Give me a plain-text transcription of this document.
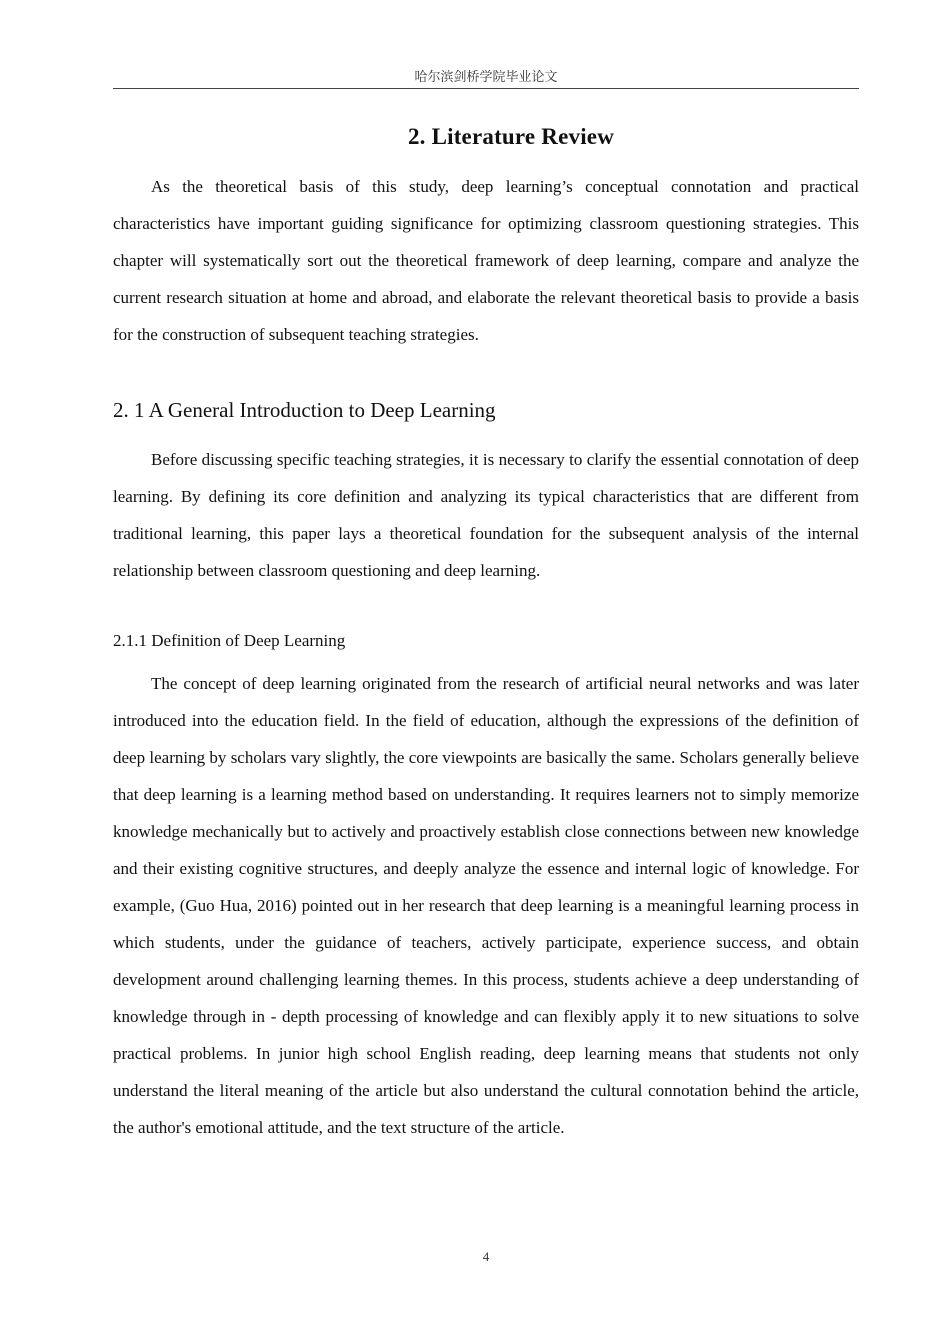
哈尔滨剑桥学院毕业论文
2. Literature Review

As the theoretical basis of this study, deep learning’s conceptual connotation and practical characteristics have important guiding significance for optimizing classroom questioning strategies. This chapter will systematically sort out the theoretical framework of deep learning, compare and analyze the current research situation at home and abroad, and elaborate the relevant theoretical basis to provide a basis for the construction of subsequent teaching strategies.

2. 1 A General Introduction to Deep Learning

Before discussing specific teaching strategies, it is necessary to clarify the essential connotation of deep learning. By defining its core definition and analyzing its typical characteristics that are different from traditional learning, this paper lays a theoretical foundation for the subsequent analysis of the internal relationship between classroom questioning and deep learning.

2.1.1 Definition of Deep Learning

The concept of deep learning originated from the research of artificial neural networks and was later introduced into the education field. In the field of education, although the expressions of the definition of deep learning by scholars vary slightly, the core viewpoints are basically the same. Scholars generally believe that deep learning is a learning method based on understanding. It requires learners not to simply memorize knowledge mechanically but to actively and proactively establish close connections between new knowledge and their existing cognitive structures, and deeply analyze the essence and internal logic of knowledge. For example, (Guo Hua, 2016) pointed out in her research that deep learning is a meaningful learning process in which students, under the guidance of teachers, actively participate, experience success, and obtain development around challenging learning themes. In this process, students achieve a deep understanding of knowledge through in - depth processing of knowledge and can flexibly apply it to new situations to solve practical problems. In junior high school English reading, deep learning means that students not only understand the literal meaning of the article but also understand the cultural connotation behind the article, the author's emotional attitude, and the text structure of the article.

4
